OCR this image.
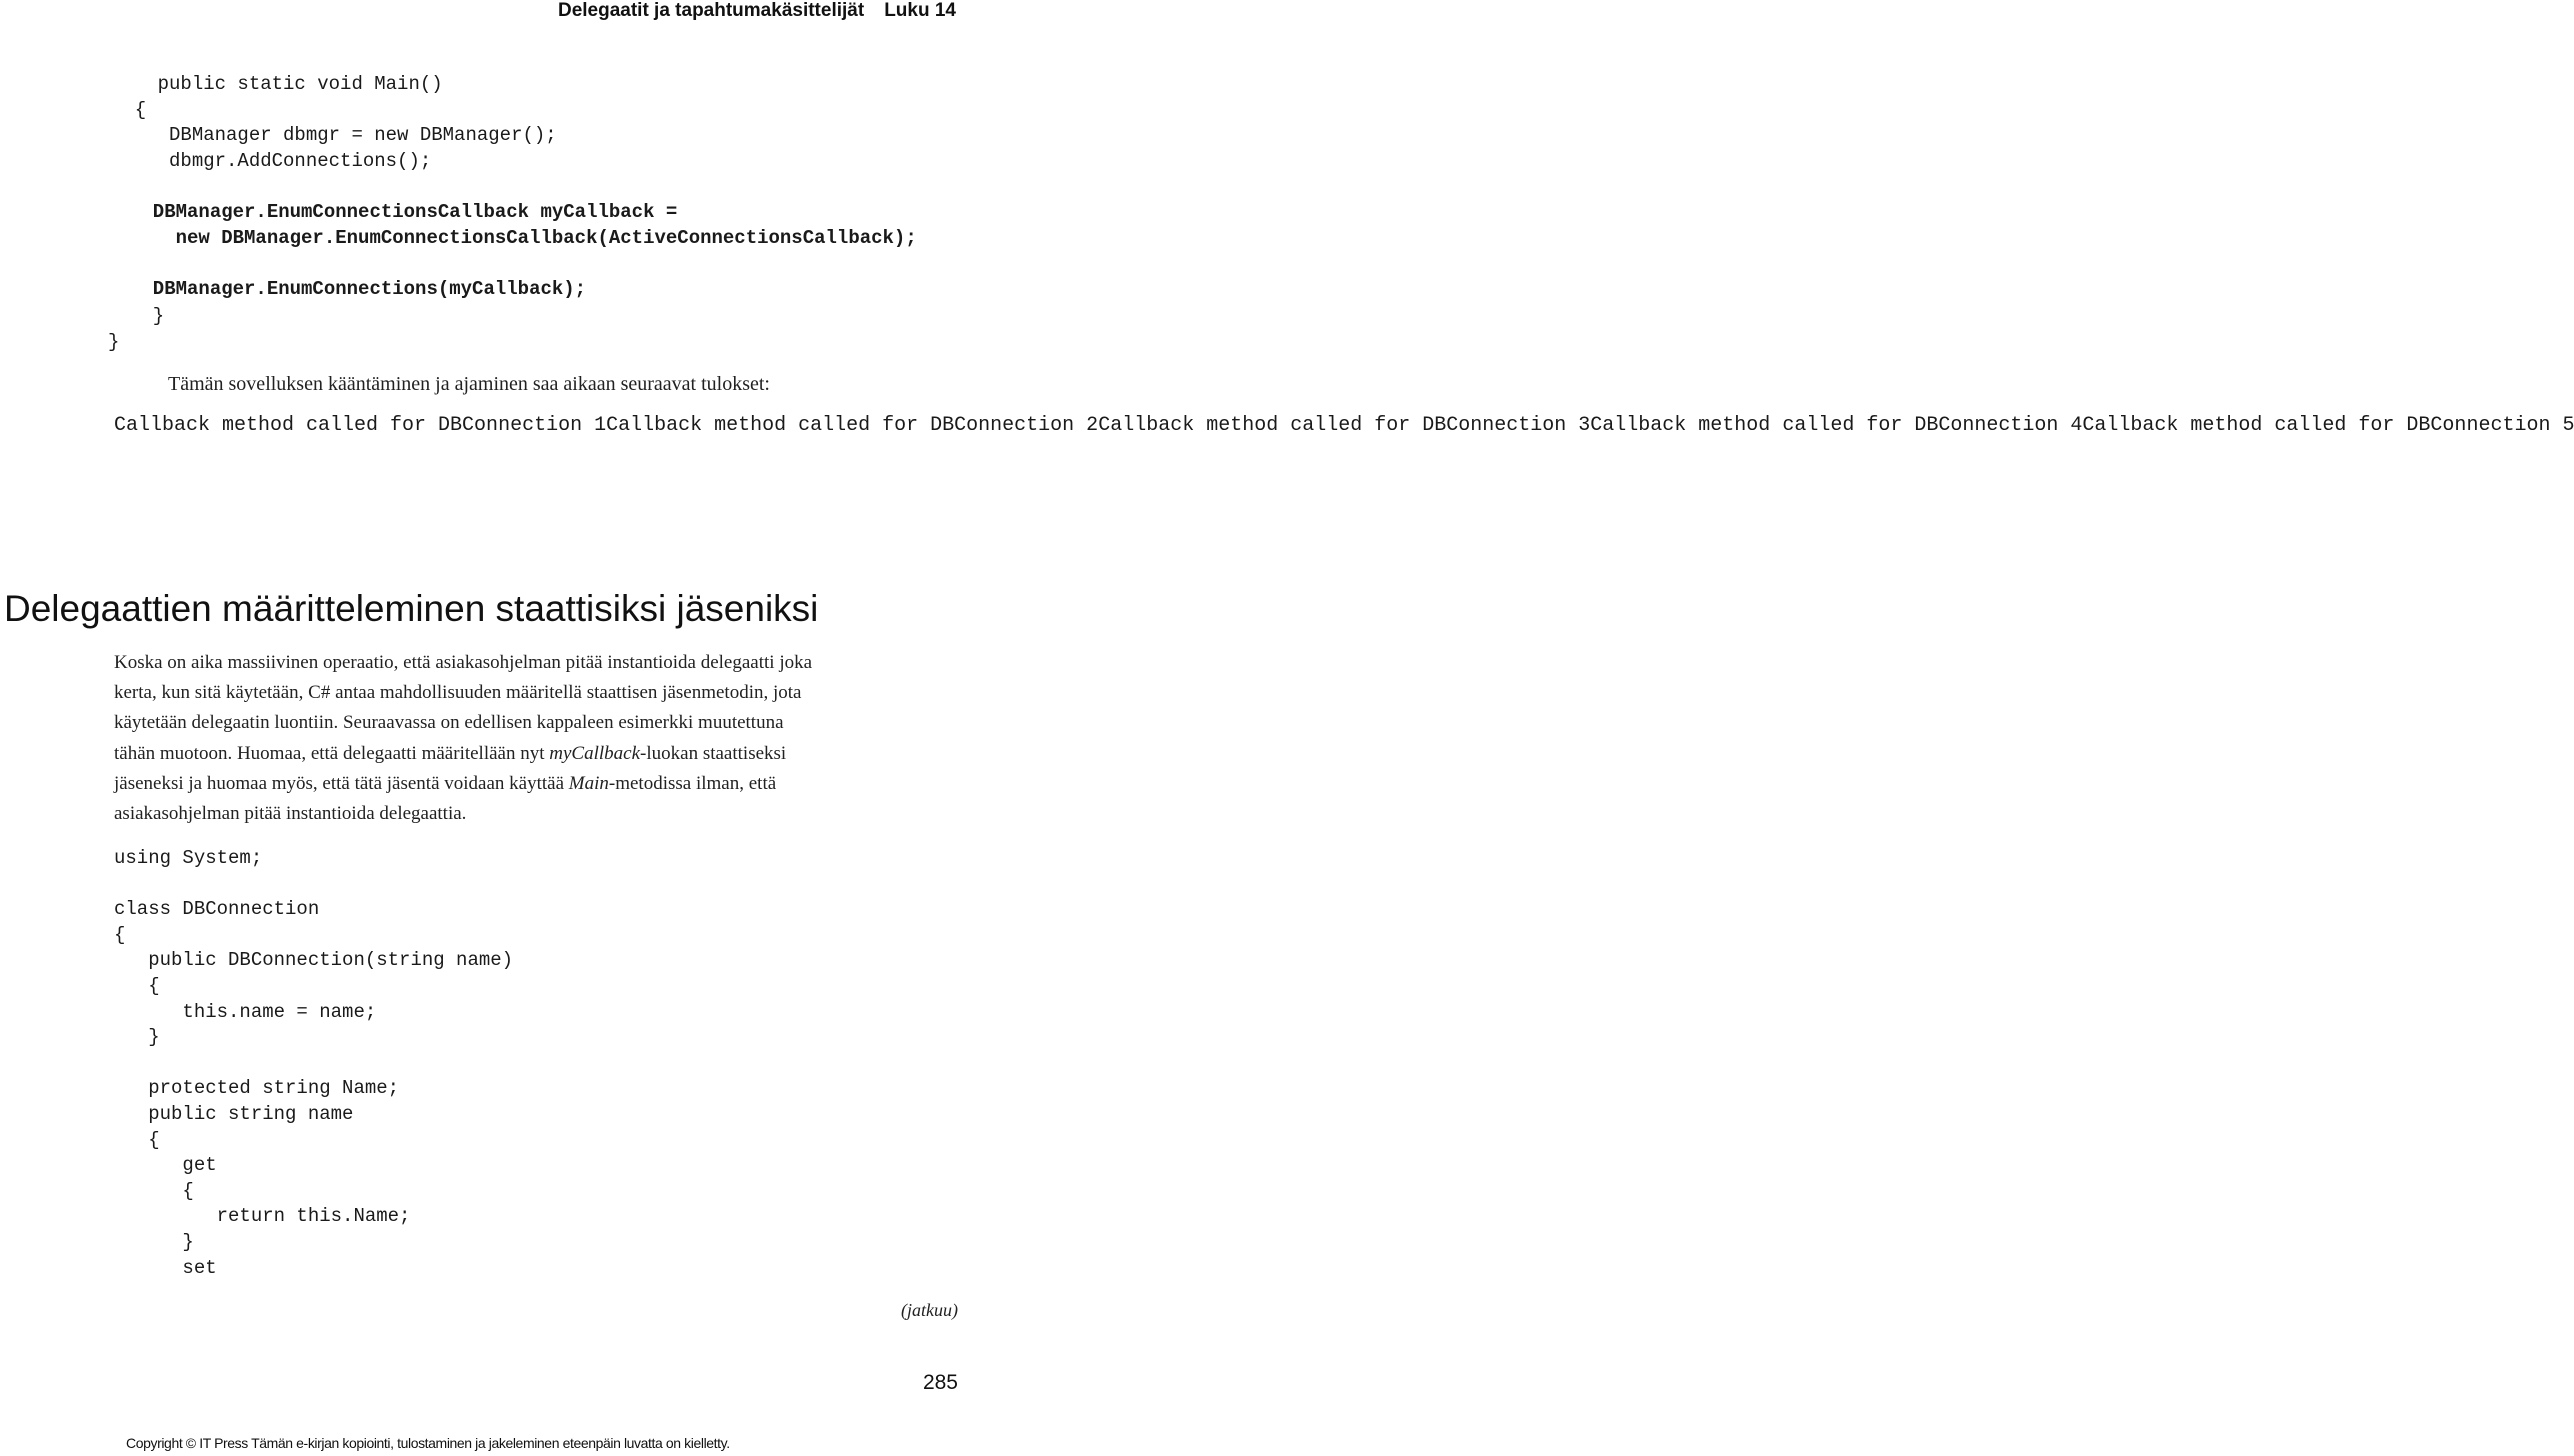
Delegaatit ja tapahtumakäsittelijät Luku 14
public static void Main()
{
DBManager dbmgr = new DBManager();
dbmgr.AddConnections();
DBManager.EnumConnectionsCallback myCallback =
new DBManager.EnumConnectionsCallback(ActiveConnectionsCallback);

DBManager.EnumConnections(myCallback);
}
}
Tämän sovelluksen kääntäminen ja ajaminen saa aikaan seuraavat tulokset:
Callback method called for DBConnection 1Callback method called for DBConnection 2Callback method called for DBConnection 3Callback method called for DBConnection 4Callback method called for DBConnection 5
Delegaattien määritteleminen staattisiksi jäseniksi

Koska on aika massiivinen operaatio, että asiakasohjelman pitää instantioida delegaatti joka
kerta, kun sitä käytetään, C# antaa mahdollisuuden määritellä staattisen jäsenmetodin, jota
käytetään delegaatin luontiin. Seuraavassa on edellisen kappaleen esimerkki muutettuna
tähän muotoon. Huomaa, että delegaatti määritellään nyt myCallback-luokan staattiseksi
jäseneksi ja huomaa myös, että tätä jäsentä voidaan käyttää Main-metodissa ilman, että
asiakasohjelman pitää instantioida delegaattia.

using System;

class DBConnection
{
public DBConnection(string name)
{
this.name = name;
}

protected string Name;
public string name
{
get
{
return this.Name;
}
set
(jatkuu)
285
Copyright © IT Press Tämän e-kirjan kopiointi, tulostaminen ja jakeleminen eteenpäin luvatta on kielletty.
